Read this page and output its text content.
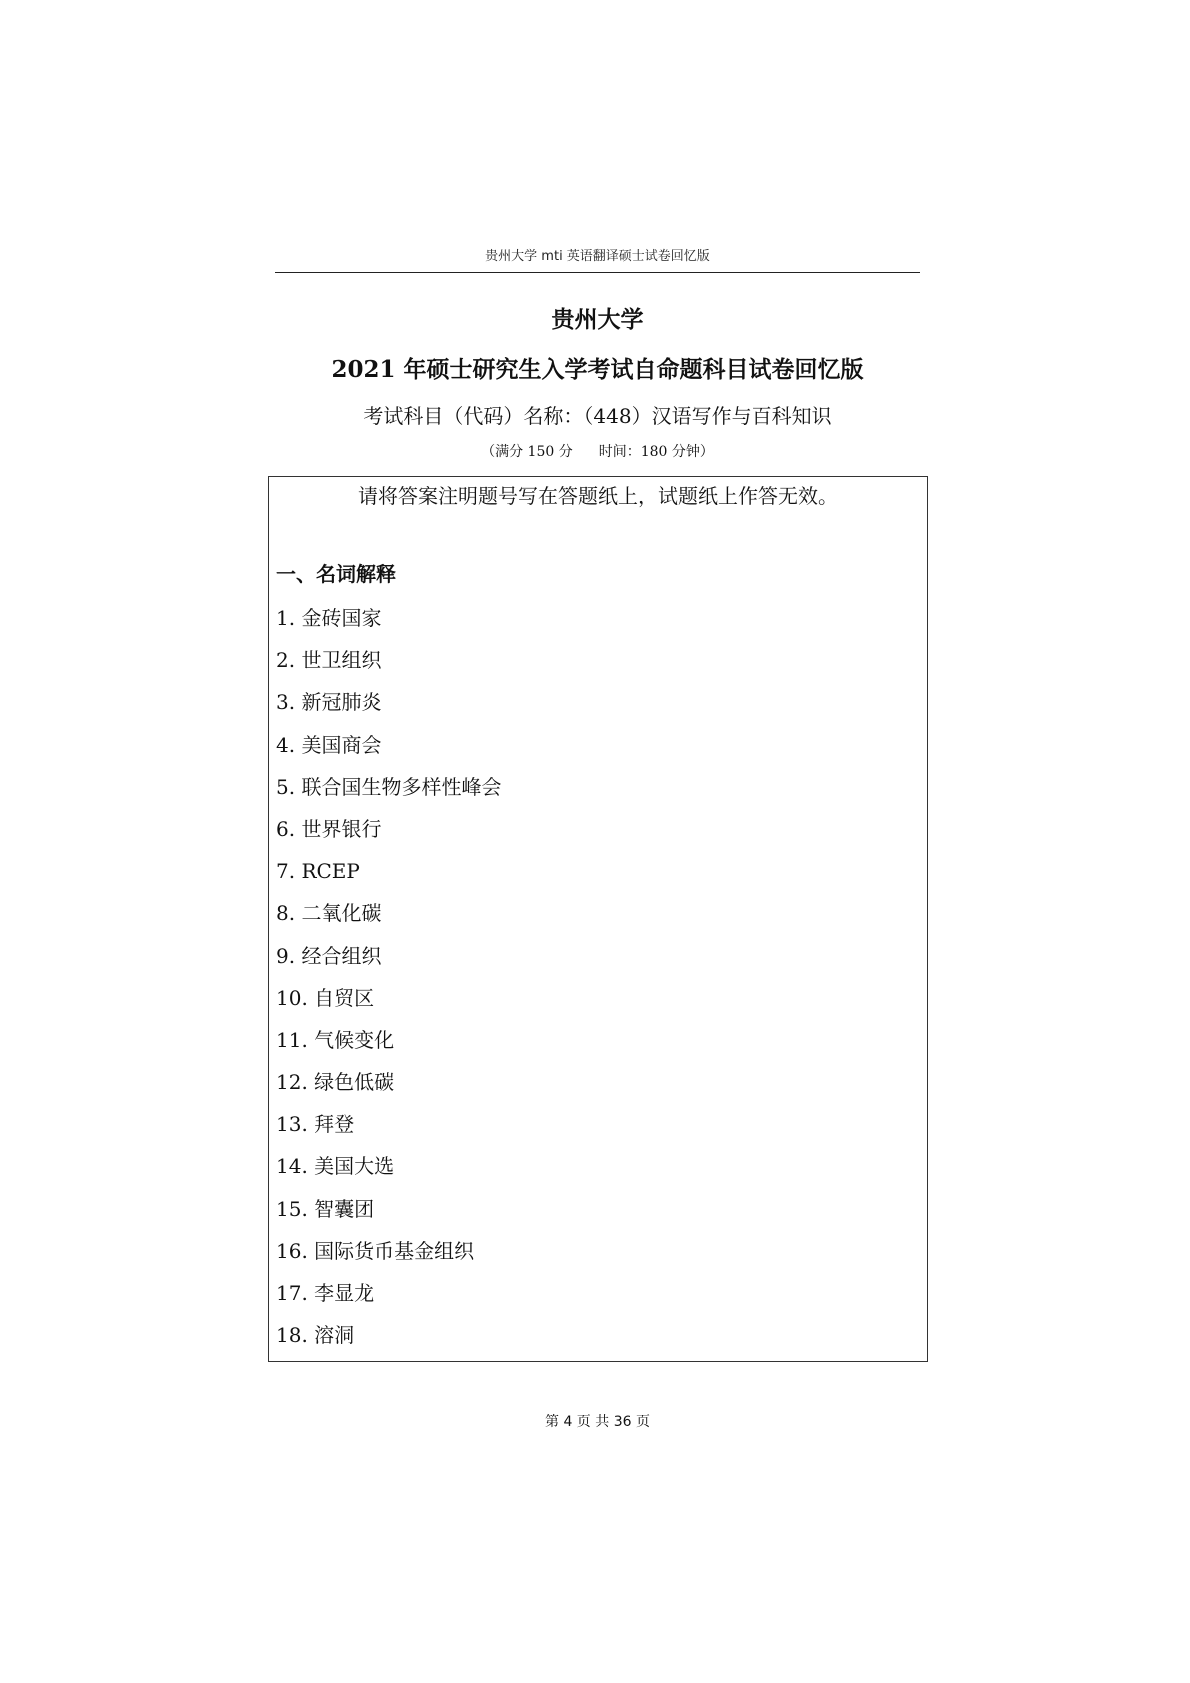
贵州大学 mti 英语翻译硕士试卷回忆版
贵州大学
2021 年硕士研究生入学考试自命题科目试卷回忆版
考试科目（代码）名称：（448）汉语写作与百科知识
（满分 150 分 时间：180 分钟）
请将答案注明题号写在答题纸上，试题纸上作答无效。
一、名词解释
1. 金砖国家
2. 世卫组织
3. 新冠肺炎
4. 美国商会
5. 联合国生物多样性峰会
6. 世界银行
7. RCEP
8. 二氧化碳
9. 经合组织
10. 自贸区
11. 气候变化
12. 绿色低碳
13. 拜登
14. 美国大选
15. 智囊团
16. 国际货币基金组织
17. 李显龙
18. 溶洞
第 4 页 共 36 页
